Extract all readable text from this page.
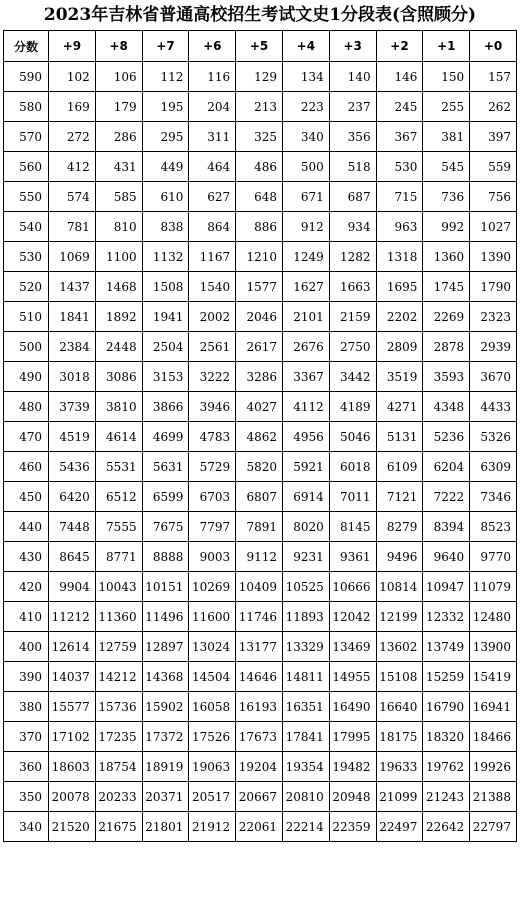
2023年吉林省普通高校招生考试文史1分段表(含照顾分)
分数	+9	+8	+7	+6	+5	+4	+3	+2	+1	+0
590	102	106	112	116	129	134	140	146	150	157
580	169	179	195	204	213	223	237	245	255	262
570	272	286	295	311	325	340	356	367	381	397
560	412	431	449	464	486	500	518	530	545	559
550	574	585	610	627	648	671	687	715	736	756
540	781	810	838	864	886	912	934	963	992	1027
530	1069	1100	1132	1167	1210	1249	1282	1318	1360	1390
520	1437	1468	1508	1540	1577	1627	1663	1695	1745	1790
510	1841	1892	1941	2002	2046	2101	2159	2202	2269	2323
500	2384	2448	2504	2561	2617	2676	2750	2809	2878	2939
490	3018	3086	3153	3222	3286	3367	3442	3519	3593	3670
480	3739	3810	3866	3946	4027	4112	4189	4271	4348	4433
470	4519	4614	4699	4783	4862	4956	5046	5131	5236	5326
460	5436	5531	5631	5729	5820	5921	6018	6109	6204	6309
450	6420	6512	6599	6703	6807	6914	7011	7121	7222	7346
440	7448	7555	7675	7797	7891	8020	8145	8279	8394	8523
430	8645	8771	8888	9003	9112	9231	9361	9496	9640	9770
420	9904	10043	10151	10269	10409	10525	10666	10814	10947	11079
410	11212	11360	11496	11600	11746	11893	12042	12199	12332	12480
400	12614	12759	12897	13024	13177	13329	13469	13602	13749	13900
390	14037	14212	14368	14504	14646	14811	14955	15108	15259	15419
380	15577	15736	15902	16058	16193	16351	16490	16640	16790	16941
370	17102	17235	17372	17526	17673	17841	17995	18175	18320	18466
360	18603	18754	18919	19063	19204	19354	19482	19633	19762	19926
350	20078	20233	20371	20517	20667	20810	20948	21099	21243	21388
340	21520	21675	21801	21912	22061	22214	22359	22497	22642	22797
